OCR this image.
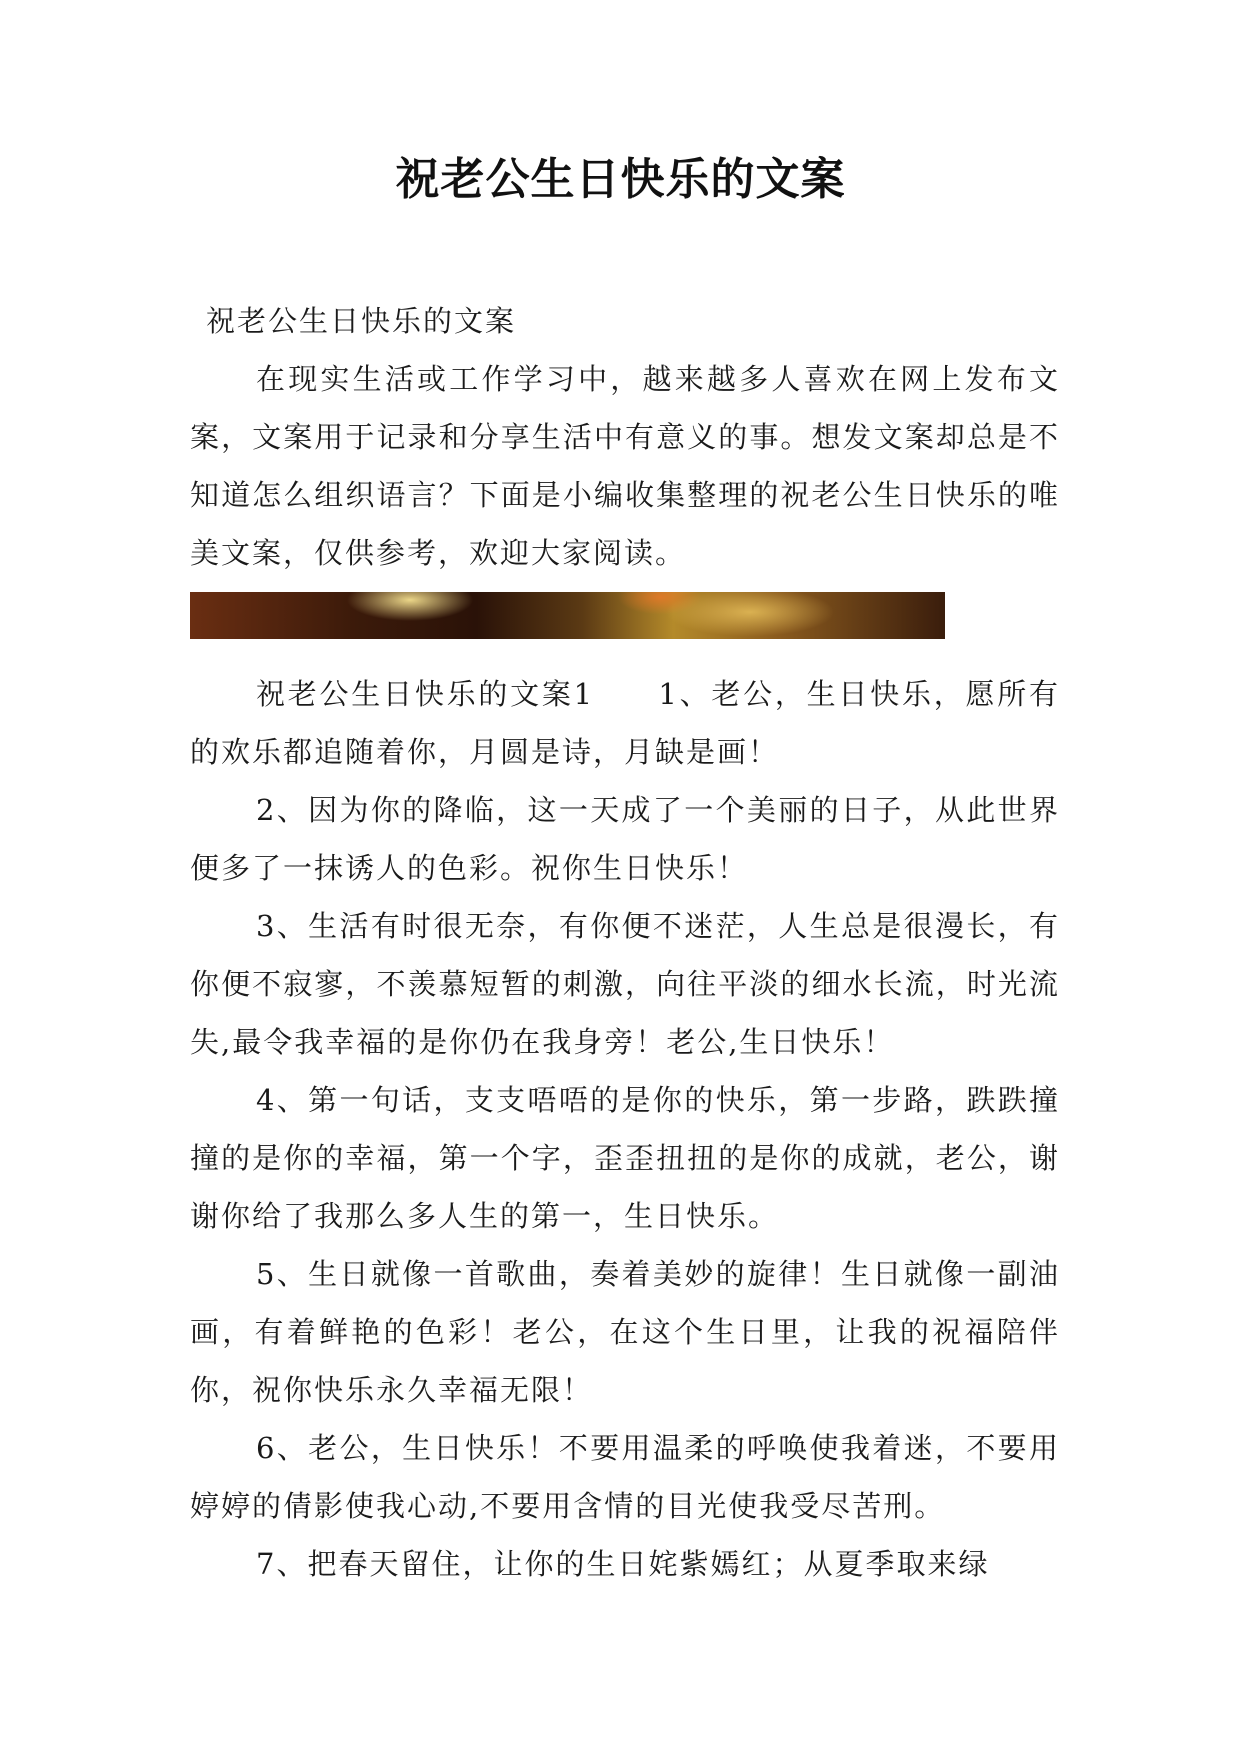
祝老公生日快乐的文案

祝老公生日快乐的文案

在现实生活或工作学习中，越来越多人喜欢在网上发布文案，文案用于记录和分享生活中有意义的事。想发文案却总是不知道怎么组织语言？下面是小编收集整理的祝老公生日快乐的唯美文案，仅供参考，欢迎大家阅读。

祝老公生日快乐的文案1　　1、老公，生日快乐，愿所有的欢乐都追随着你，月圆是诗，月缺是画！

2、因为你的降临，这一天成了一个美丽的日子，从此世界便多了一抹诱人的色彩。祝你生日快乐！

3、生活有时很无奈，有你便不迷茫，人生总是很漫长，有你便不寂寥，不羡慕短暂的刺激，向往平淡的细水长流，时光流失,最令我幸福的是你仍在我身旁！老公,生日快乐！

4、第一句话，支支唔唔的是你的快乐，第一步路，跌跌撞撞的是你的幸福，第一个字，歪歪扭扭的是你的成就，老公，谢谢你给了我那么多人生的第一，生日快乐。

5、生日就像一首歌曲，奏着美妙的旋律！生日就像一副油画，有着鲜艳的色彩！老公，在这个生日里，让我的祝福陪伴你，祝你快乐永久幸福无限！

6、老公，生日快乐！不要用温柔的呼唤使我着迷，不要用婷婷的倩影使我心动,不要用含情的目光使我受尽苦刑。

7、把春天留住，让你的生日姹紫嫣红；从夏季取来绿
